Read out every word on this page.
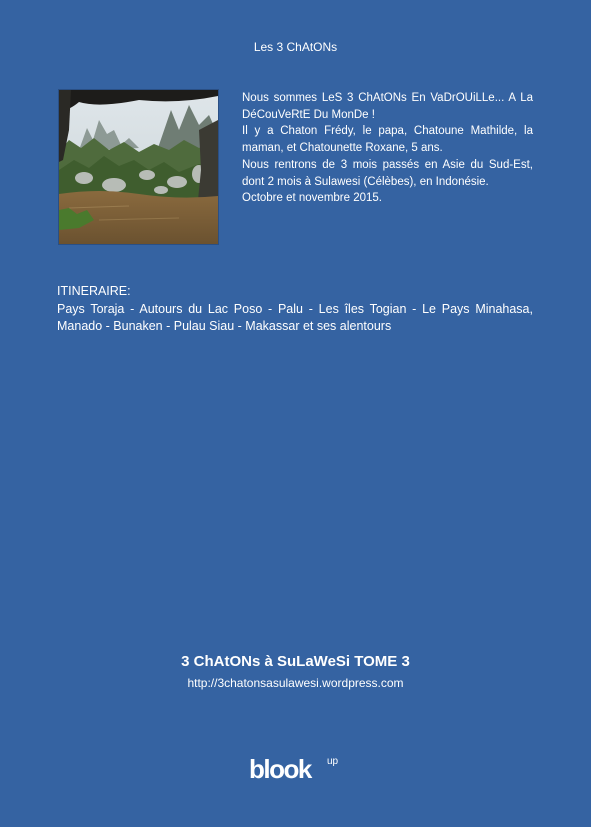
Les 3 ChAtONs

Nous sommes LeS 3 ChAtONs En VaDrOUiLLe... A La DéCouVeRtE Du MonDe !

Il y a Chaton Frédy, le papa, Chatoune Mathilde, la maman, et Chatounette Roxane, 5 ans.

Nous rentrons de 3 mois passés en Asie du Sud-Est, dont 2 mois à Sulawesi (Célèbes), en Indonésie.

Octobre et novembre 2015.

ITINERAIRE:
Pays Toraja - Autours du Lac Poso - Palu - Les îles Togian - Le Pays Minahasa, Manado - Bunaken - Pulau Siau - Makassar et ses alentours
3 ChAtONs à SuLaWeSi TOME 3
http://3chatonsasulawesi.wordpress.com
blook up
